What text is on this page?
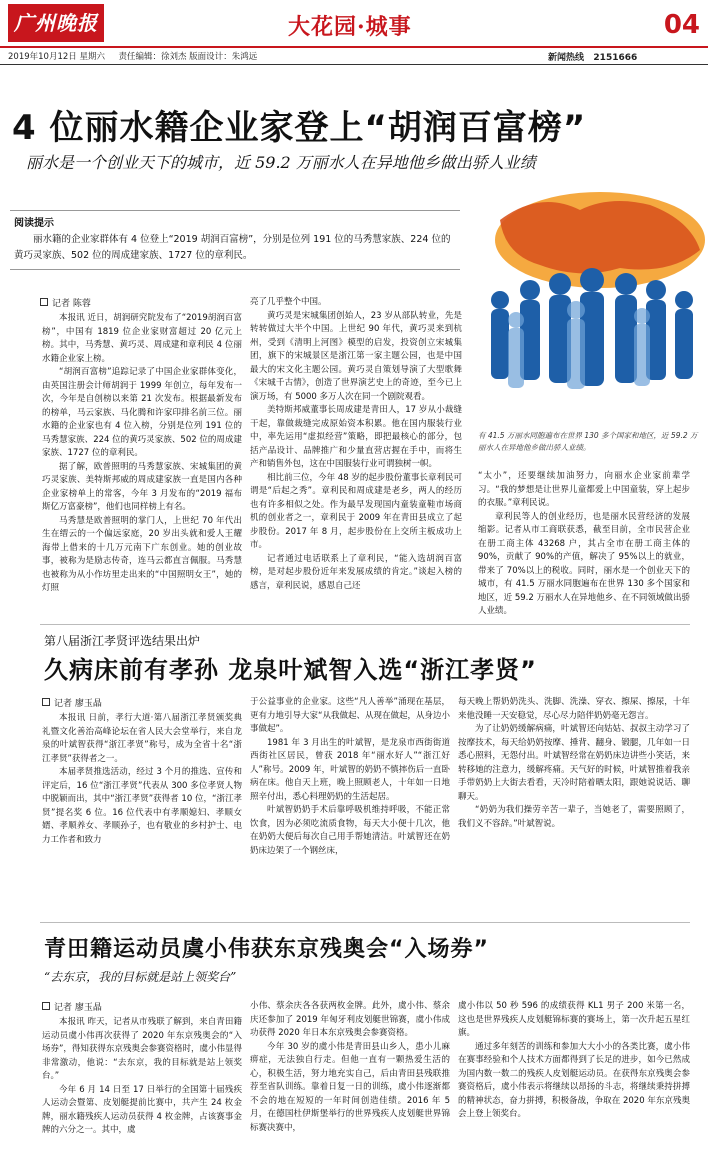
广州晚报	大花园·城事	04
2019年10月12日 星期六 责任编辑：徐刘杰 版面设计：朱鸿远	新闻热线 2151666
4 位丽水籍企业家登上“胡润百富榜”
丽水是一个创业天下的城市，近 59.2 万丽水人在异地他乡做出骄人业绩
阅读提示
丽水籍的企业家群体有 4 位登上“2019 胡润百富榜”，分别是位列 191 位的马秀慧家族、224 位的黄巧灵家族、502 位的周成建家族、1727 位的章利民。
有 41.5 万丽水同胞遍布在世界 130 多个国家和地区，近 59.2 万丽水人在异地他乡做出骄人业绩。
记者 陈蓉

本报讯 近日，胡润研究院发布了“2019胡润百富榜”，中国有 1819 位企业家财富超过 20 亿元上榜。其中，马秀慧、黄巧灵、周成建和章利民 4 位丽水籍企业家上榜。

“胡润百富榜”追踪记录了中国企业家群体变化，由英国注册会计师胡润于 1999 年创立，每年发布一次，今年是自创榜以来第 21 次发布。根据最新发布的榜单，马云家族、马化腾和许家印排名前三位。丽水籍的企业家也有 4 位入榜，分别是位列 191 位的马秀慧家族、224 位的黄巧灵家族、502 位的周成建家族、1727 位的章利民。

据了解，欧普照明的马秀慧家族、宋城集团的黄巧灵家族、美特斯邦威的周成建家族一直是国内各种企业家榜单上的常客，今年 3 月发布的“2019 福布斯亿万富豪榜”，他们也同样榜上有名。

马秀慧是欧普照明的掌门人，上世纪 70 年代出生在缙云的一个偏远家庭，20 岁出头就和爱人王耀海带上借来的十几万元南下广东创业。她的创业故事，被称为是励志传奇，连马云都直言佩服。马秀慧也被称为从小作坊里走出来的“中国照明女王”，她的灯照

亮了几乎整个中国。

黄巧灵是宋城集团创始人，23 岁从部队转业，先是转转做过大半个中国。上世纪 90 年代，黄巧灵来到杭州，受到《清明上河图》模型的启发，投资创立宋城集团，旗下的宋城景区是浙江第一家主题公园，也是中国最大的宋文化主题公园。黄巧灵自策划导演了大型歌舞《宋城千古情》，创造了世界演艺史上的奇迹，至今已上演万场，有 5000 多万人次在同一个剧院观看。

美特斯邦威董事长周成建是青田人，17 岁从小裁缝干起，靠做裁缝完成原始资本积累。他在国内服装行业中，率先运用“虚拟经营”策略，即把最核心的部分，包括产品设计、品牌推广和少量直营店握在手中，而将生产和销售外包，这在中国服装行业可谓独树一帜。

相比前三位，今年 48 岁的起步股份董事长章利民可谓是“后起之秀”。章利民和周成建是老乡，两人的经历也有许多相似之处。作为最早发现国内童装童鞋市场商机的创业者之一，章利民于 2009 年在青田县成立了起步股份。2017 年 8 月，起步股份在上交所主板成功上市。

记者通过电话联系上了章利民，“能入选胡润百富榜，是对起步股份近年来发展成绩的肯定。”谈起入榜的感言，章利民说，感恩自己还

“太小”，还要继续加油努力，向丽水企业家前辈学习。“我的梦想是让世界儿童都爱上中国童装，穿上起步的衣服。”章利民说。

章利民等人的创业经历，也是丽水民营经济的发展缩影。记者从市工商联获悉，截至目前，全市民营企业在册工商主体 43268 户，其占全市在册工商主体的 90%，贡献了 90%的产值，解决了 95%以上的就业，带来了 70%以上的税收。同时，丽水是一个创业天下的城市，有 41.5 万丽水同胞遍布在世界 130 多个国家和地区，近 59.2 万丽水人在异地他乡、在不同领域做出骄人业绩。

第八届浙江孝贤评选结果出炉
久病床前有孝孙 龙泉叶斌智入选“浙江孝贤”
记者 廖玉晶

本报讯 日前，孝行大道·第八届浙江孝贤颁奖典礼暨文化善治高峰论坛在省人民大会堂举行，来自龙泉的叶斌智获得“浙江孝贤”称号，成为全省十名“浙江孝贤”获得者之一。

本届孝贤推选活动，经过 3 个月的推选、宣传和评定后，16 位“浙江孝贤”代表从 300 多位孝贤人物中脱颖而出，其中“浙江孝贤”获得者 10 位，“浙江孝贤”提名奖 6 位。16 位代表中有孝顺媳妇、孝顺女婿、孝顺养女、孝顺孙子，也有敬业的乡村护士、电力工作者和致力

于公益事业的企业家。这些“凡人善举”涌现在基层，更有力地引导大家“从我做起、从现在做起，从身边小事做起”。

1981 年 3 月出生的叶斌智，是龙泉市西街街道西街社区居民，曾获 2018 年“丽水好人”“浙江好人”称号。2009 年，叶斌智的奶奶不慎摔伤后一直卧病在床。他自天上班，晚上照顾老人，十年如一日地照辛付出，悉心料理奶奶的生活起居。

叶斌智奶奶手术后靠呼吸机维持呼吸，不能正常饮食，因为必须吃流质食物，每天大小便十几次，他在奶奶大便后每次自己用手帮她清洁。叶斌智还在奶奶床边架了一个钢丝床，

每天晚上帮奶奶洗头、洗脚、洗澡、穿衣、擦屎、擦尿，十年来他没睡一天安稳觉，尽心尽力陪伴奶奶毫无怨言。

为了让奶奶缓解病痛，叶斌智还向姑姑、叔叔主动学习了按摩技术，每天给奶奶按摩、捶背、翻身、锻腿，几年如一日悉心照料，无怨付出。叶斌智经常在奶奶床边讲些小笑话，来转移她的注意力，缓解疼痛。天气好的时候，叶斌智推着我亲手带奶奶上大街去看看，天冷时陪着晒太阳，跟她说说话、聊聊天。

“奶奶为我们操劳辛苦一辈子，当她老了，需要照顾了，我们义不容辞。”叶斌智说。

青田籍运动员虞小伟获东京残奥会“入场券”
“去东京，我的目标就是站上领奖台”
记者 廖玉晶

本报讯 昨天，记者从市残联了解到，来自青田籍运动员虞小伟再次获得了 2020 年东京残奥会的“入场券”，得知获得东京残奥会参赛资格时，虞小伟显得非常激动，他说：“去东京，我的目标就是站上领奖台。”

今年 6 月 14 日至 17 日举行的全国第十届残疾人运动会暨第、皮划艇提前比赛中，共产生 24 枚金牌，丽水籍残疾人运动员获得 4 枚金牌，占该赛事金牌的六分之一。其中，虞

小伟、蔡余庆各各获两枚金牌。此外，虞小伟、蔡余庆还参加了 2019 年匈牙利皮划艇世锦赛，虞小伟成功获得 2020 年日本东京残奥会参赛资格。

今年 30 岁的虞小伟是青田县山乡人，患小儿麻痹症，无法独自行走。但他一直有一颗热爱生活的心，积极生活，努力地充实自己，后由青田县残联推荐至省队训练。靠着日复一日的训练，虞小伟逐渐都不会的地在短短的一年时间创造佳绩。2016 年 5 月，在德国杜伊斯堡举行的世界残疾人皮划艇世界锦标赛决赛中，

虞小伟以 50 秒 596 的成绩获得 KL1 男子 200 米第一名，这也是世界残疾人皮划艇锦标赛的赛场上，第一次升起五星红旗。

通过多年刻苦的训练和参加大大小小的各类比赛，虞小伟在赛事经验和个人技术方面都得到了长足的进步，如今已然成为国内数一数二的残疾人皮划艇运动员。在获得东京残奥会参赛资格后，虞小伟表示将继续以昂扬的斗志，将继续秉持拼搏的精神状态，奋力拼搏，积极备战，争取在 2020 年东京残奥会上登上领奖台。
